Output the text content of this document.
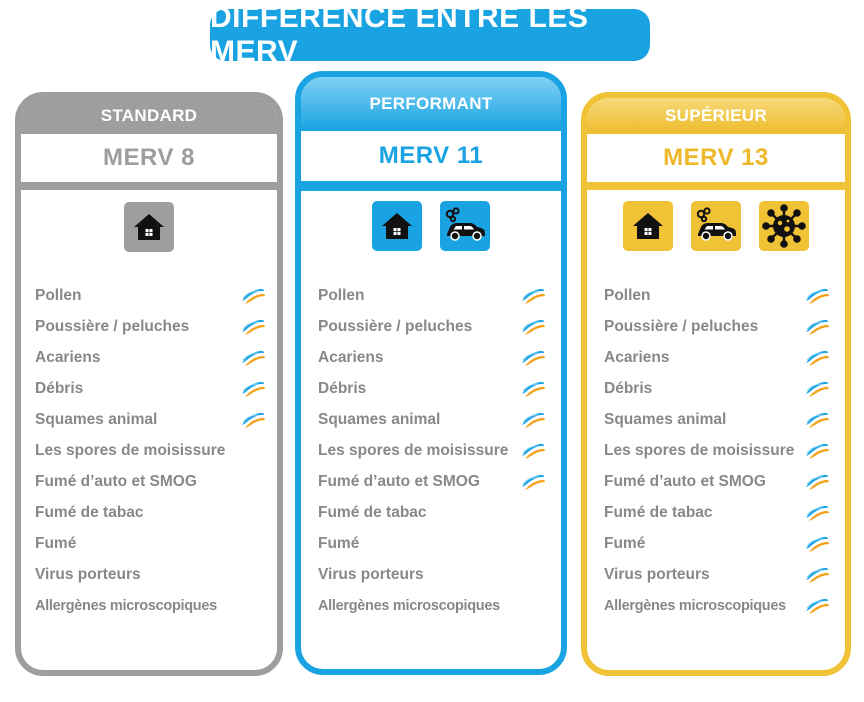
DIFFÉRENCE ENTRE LES MERV
STANDARD
MERV 8
Pollen
Poussière / peluches
Acariens
Débris
Squames animal
Les spores de moisissure
Fumé d’auto et SMOG
Fumé de tabac
Fumé
Virus porteurs
Allergènes microscopiques
PERFORMANT
MERV 11
Pollen
Poussière / peluches
Acariens
Débris
Squames animal
Les spores de moisissure
Fumé d’auto et SMOG
Fumé de tabac
Fumé
Virus porteurs
Allergènes microscopiques
SUPÉRIEUR
MERV 13
Pollen
Poussière / peluches
Acariens
Débris
Squames animal
Les spores de moisissure
Fumé d’auto et SMOG
Fumé de tabac
Fumé
Virus porteurs
Allergènes microscopiques
